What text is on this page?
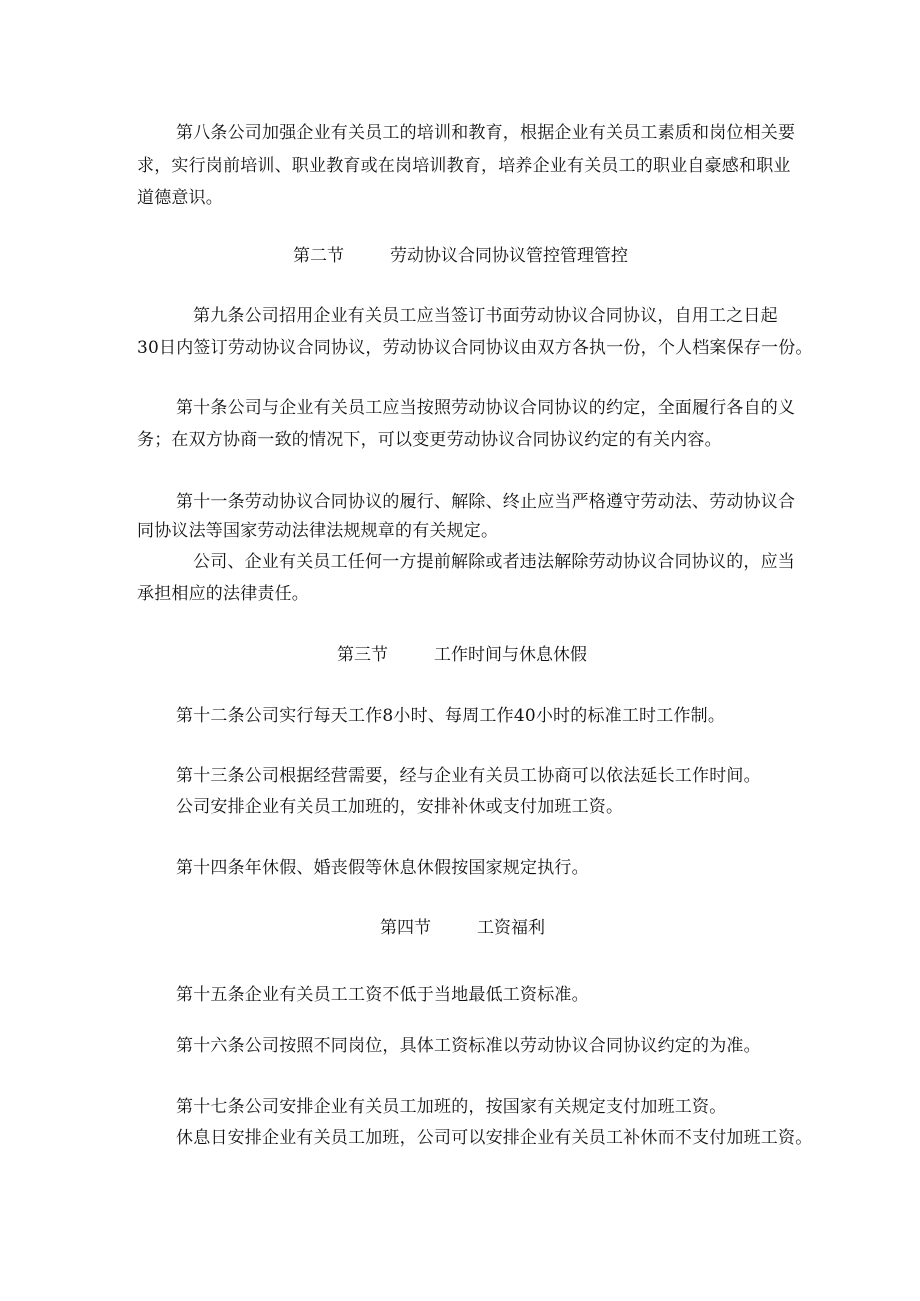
第八条公司加强企业有关员工的培训和教育，根据企业有关员工素质和岗位相关要
求，实行岗前培训、职业教育或在岗培训教育，培养企业有关员工的职业自豪感和职业
道德意识。
第二节	劳动协议合同协议管控管理管控
第九条公司招用企业有关员工应当签订书面劳动协议合同协议，自用工之日起
30日内签订劳动协议合同协议，劳动协议合同协议由双方各执一份，个人档案保存一份。
第十条公司与企业有关员工应当按照劳动协议合同协议的约定，全面履行各自的义
务；在双方协商一致的情况下，可以变更劳动协议合同协议约定的有关内容。
第十一条劳动协议合同协议的履行、解除、终止应当严格遵守劳动法、劳动协议合
同协议法等国家劳动法律法规规章的有关规定。
公司、企业有关员工任何一方提前解除或者违法解除劳动协议合同协议的，应当
承担相应的法律责任。
第三节	工作时间与休息休假
第十二条公司实行每天工作8小时、每周工作40小时的标准工时工作制。
第十三条公司根据经营需要，经与企业有关员工协商可以依法延长工作时间。
公司安排企业有关员工加班的，安排补休或支付加班工资。
第十四条年休假、婚丧假等休息休假按国家规定执行。
第四节	工资福利
第十五条企业有关员工工资不低于当地最低工资标准。
第十六条公司按照不同岗位，具体工资标准以劳动协议合同协议约定的为准。
第十七条公司安排企业有关员工加班的，按国家有关规定支付加班工资。
休息日安排企业有关员工加班，公司可以安排企业有关员工补休而不支付加班工资。
